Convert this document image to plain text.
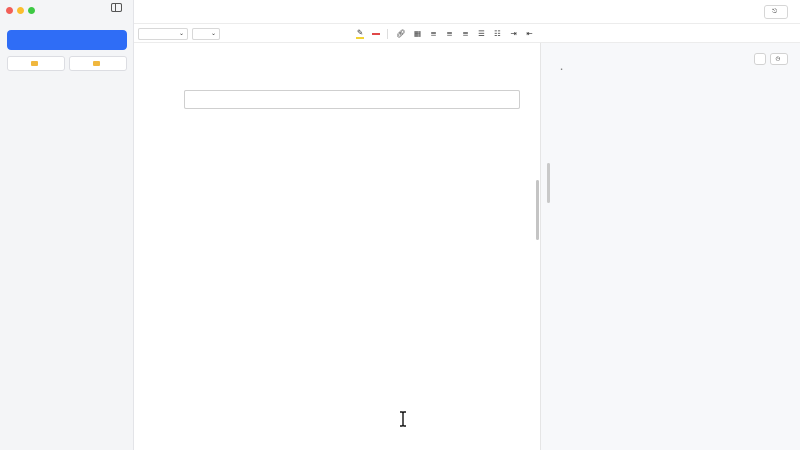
⎋
⌄	⌄	✎	🔗︎ ▦ ≡ ≡ ≡ ☰ ☷ ⇥ ⇤
◷
